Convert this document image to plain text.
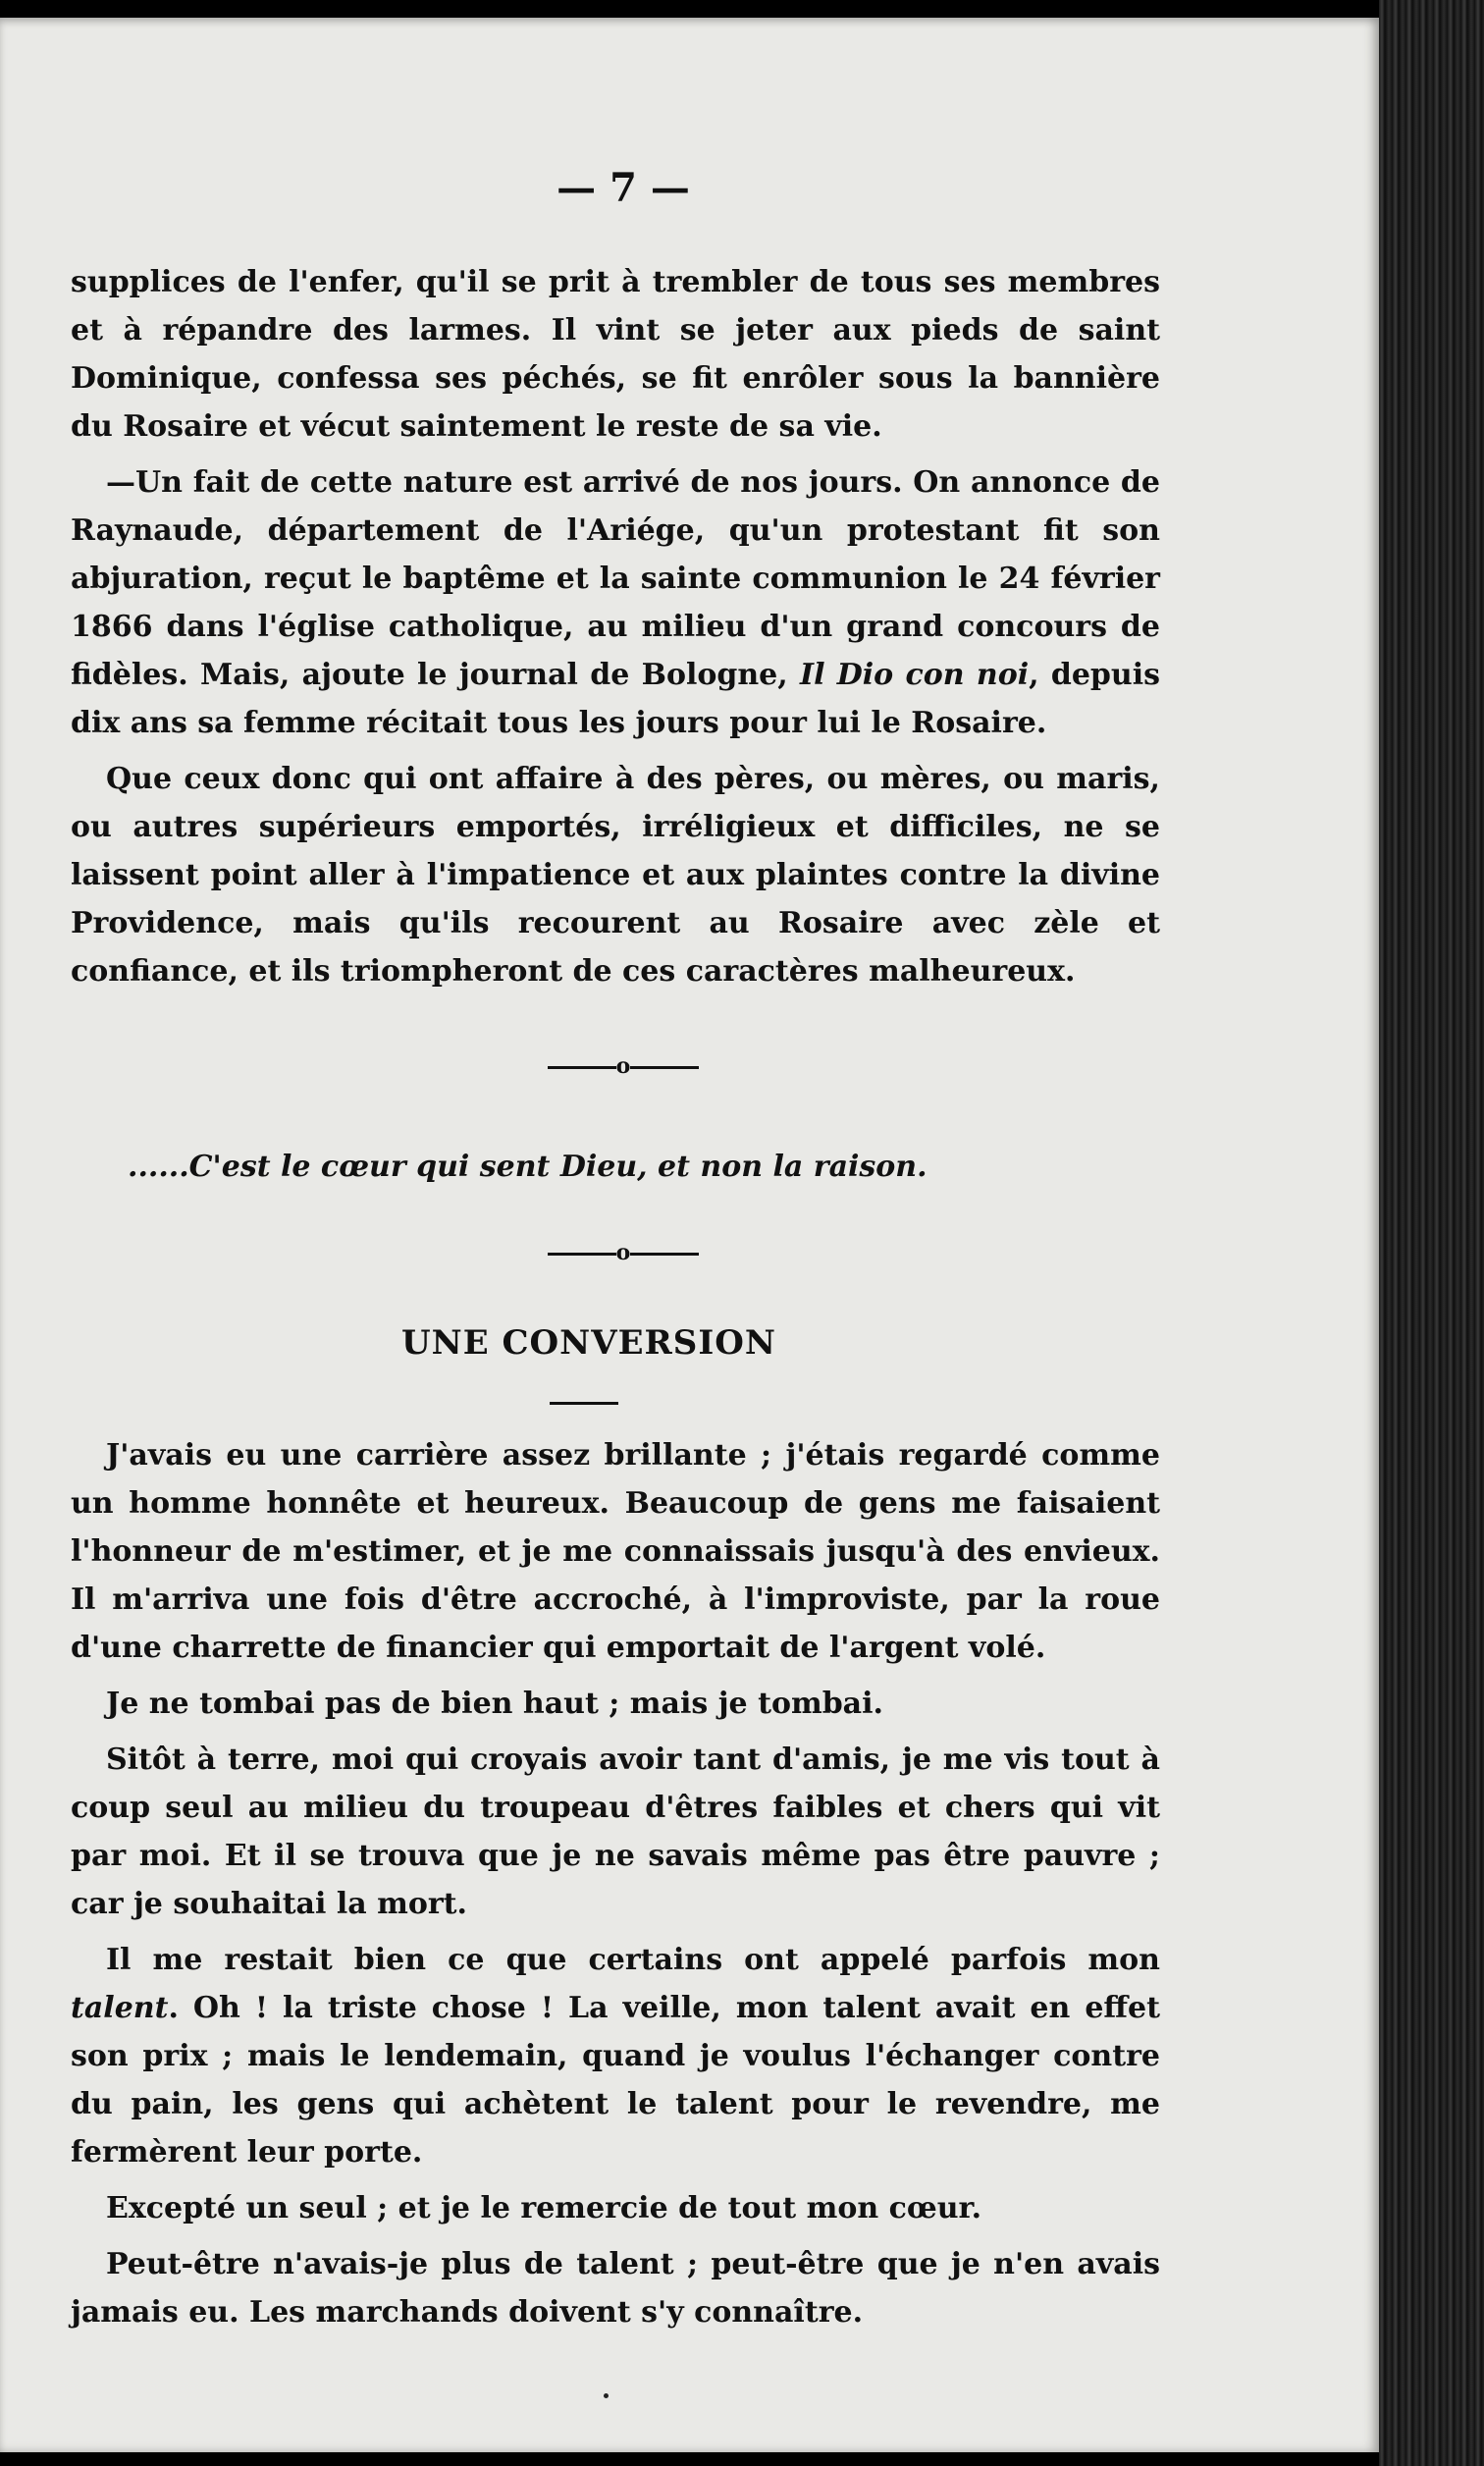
— 7 —

supplices de l'enfer, qu'il se prit à trembler de tous ses membres et à répandre des larmes. Il vint se jeter aux pieds de saint Dominique, confessa ses péchés, se fit enrôler sous la bannière du Rosaire et vécut saintement le reste de sa vie.

—Un fait de cette nature est arrivé de nos jours. On annonce de Raynaude, département de l'Ariége, qu'un protestant fit son abjuration, reçut le baptême et la sainte communion le 24 février 1866 dans l'église catholique, au milieu d'un grand concours de fidèles. Mais, ajoute le journal de Bologne, Il Dio con noi, depuis dix ans sa femme récitait tous les jours pour lui le Rosaire.

Que ceux donc qui ont affaire à des pères, ou mères, ou maris, ou autres supérieurs emportés, irréligieux et difficiles, ne se laissent point aller à l'impatience et aux plaintes contre la divine Providence, mais qu'ils recourent au Rosaire avec zèle et confiance, et ils triompheront de ces caractères malheureux.

o
......C'est le cœur qui sent Dieu, et non la raison.
o
UNE CONVERSION

J'avais eu une carrière assez brillante ; j'étais regardé comme un homme honnête et heureux. Beaucoup de gens me faisaient l'honneur de m'estimer, et je me connaissais jusqu'à des envieux. Il m'arriva une fois d'être accroché, à l'improviste, par la roue d'une charrette de financier qui emportait de l'argent volé.

Je ne tombai pas de bien haut ; mais je tombai.

Sitôt à terre, moi qui croyais avoir tant d'amis, je me vis tout à coup seul au milieu du troupeau d'êtres faibles et chers qui vit par moi. Et il se trouva que je ne savais même pas être pauvre ; car je souhaitai la mort.

Il me restait bien ce que certains ont appelé parfois mon talent. Oh ! la triste chose ! La veille, mon talent avait en effet son prix ; mais le lendemain, quand je voulus l'échanger contre du pain, les gens qui achètent le talent pour le revendre, me fermèrent leur porte.

Excepté un seul ; et je le remercie de tout mon cœur.

Peut-être n'avais-je plus de talent ; peut-être que je n'en avais jamais eu. Les marchands doivent s'y connaître.
